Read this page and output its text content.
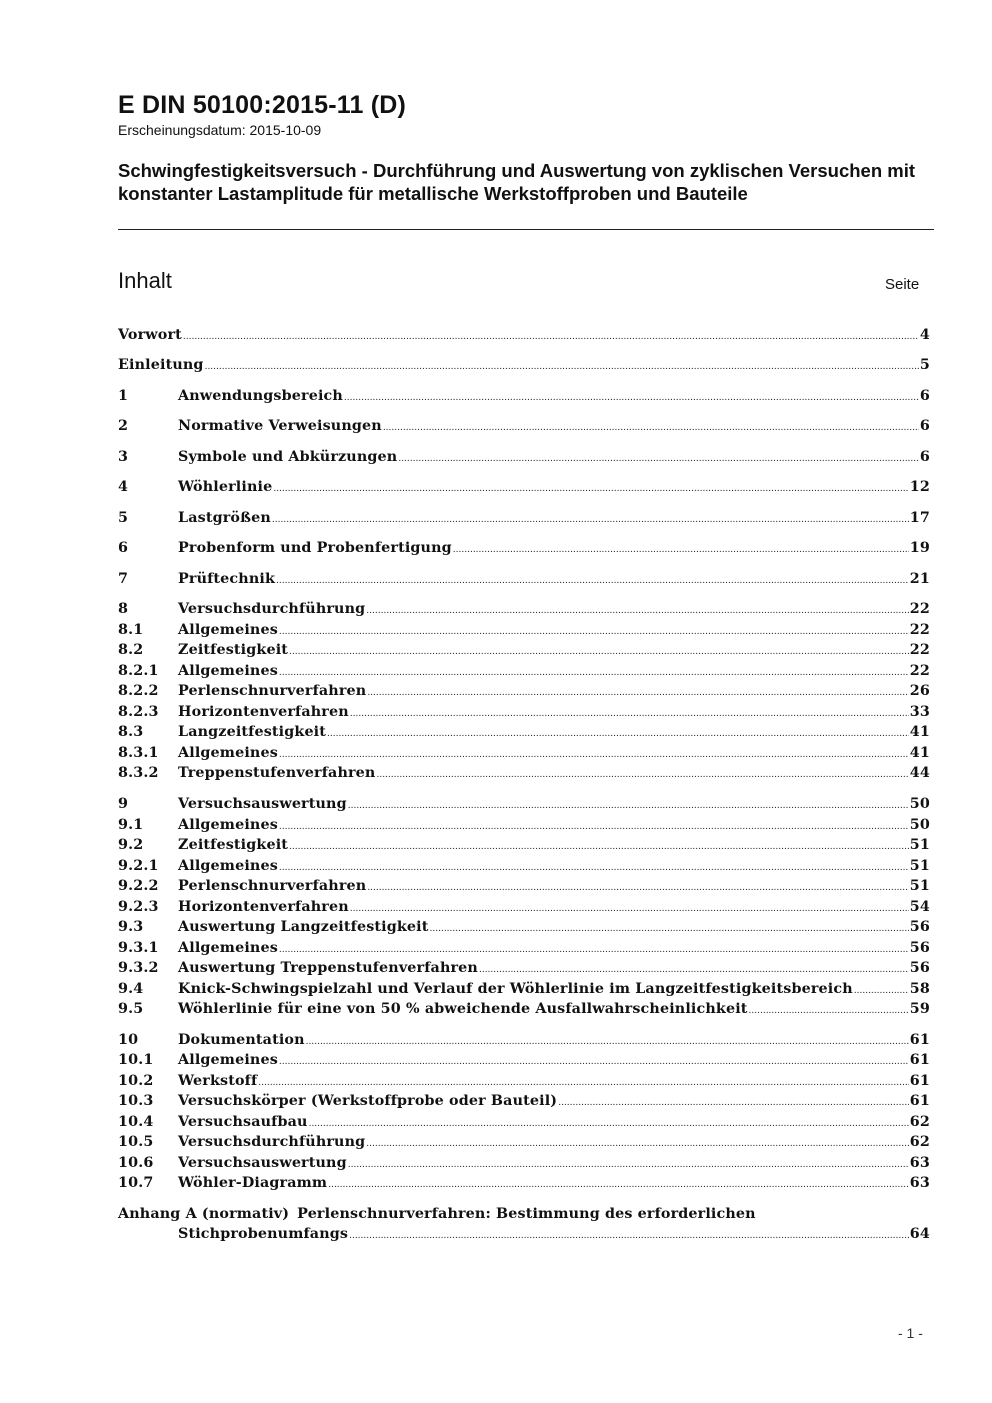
E DIN 50100:2015-11 (D)
Erscheinungsdatum: 2015-10-09
Schwingfestigkeitsversuch - Durchführung und Auswertung von zyklischen Versuchen mit konstanter Lastamplitude für metallische Werkstoffproben und Bauteile
Inhalt	Seite
Vorwort .....	4
Einleitung .....	5
1	Anwendungsbereich .....	6
2	Normative Verweisungen .....	6
3	Symbole und Abkürzungen .....	6
4	Wöhlerlinie .....	12
5	Lastgrößen .....	17
6	Probenform und Probenfertigung .....	19
7	Prüftechnik .....	21
8	Versuchsdurchführung .....	22
8.1	Allgemeines .....	22
8.2	Zeitfestigkeit .....	22
8.2.1	Allgemeines .....	22
8.2.2	Perlenschnurverfahren .....	26
8.2.3	Horizontenverfahren .....	33
8.3	Langzeitfestigkeit .....	41
8.3.1	Allgemeines .....	41
8.3.2	Treppenstufenverfahren .....	44
9	Versuchsauswertung .....	50
9.1	Allgemeines .....	50
9.2	Zeitfestigkeit .....	51
9.2.1	Allgemeines .....	51
9.2.2	Perlenschnurverfahren .....	51
9.2.3	Horizontenverfahren .....	54
9.3	Auswertung Langzeitfestigkeit .....	56
9.3.1	Allgemeines .....	56
9.3.2	Auswertung Treppenstufenverfahren .....	56
9.4	Knick-Schwingspielzahl und Verlauf der Wöhlerlinie im Langzeitfestigkeitsbereich .....	58
9.5	Wöhlerlinie für eine von 50 % abweichende Ausfallwahrscheinlichkeit .....	59
10	Dokumentation .....	61
10.1	Allgemeines .....	61
10.2	Werkstoff .....	61
10.3	Versuchskörper (Werkstoffprobe oder Bauteil) .....	61
10.4	Versuchsaufbau .....	62
10.5	Versuchsdurchführung .....	62
10.6	Versuchsauswertung .....	63
10.7	Wöhler-Diagramm .....	63
Anhang A (normativ) Perlenschnurverfahren: Bestimmung des erforderlichen
Stichprobenumfangs .....	64
- 1 -
